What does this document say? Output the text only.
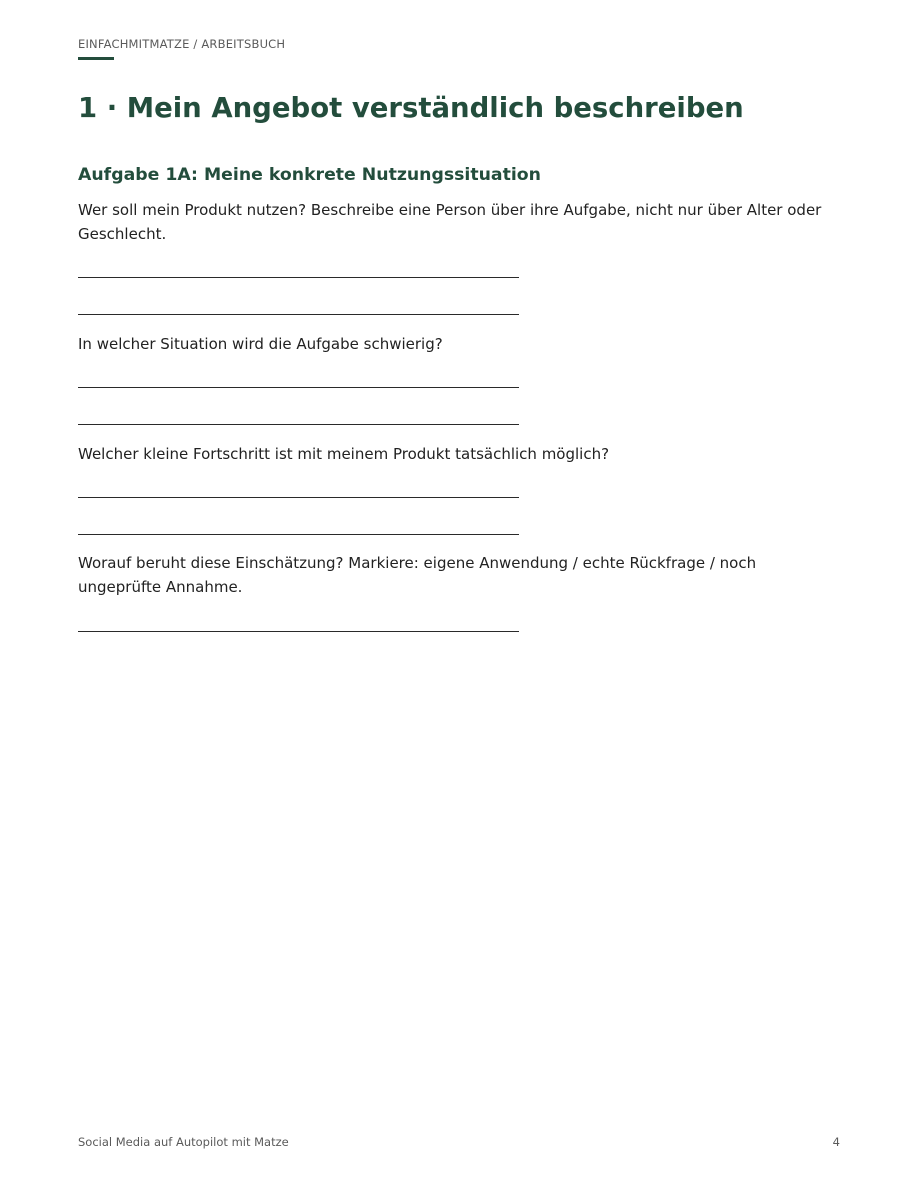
EINFACHMITMATZE / ARBEITSBUCH
1 · Mein Angebot verständlich beschreiben
Aufgabe 1A: Meine konkrete Nutzungssituation

Wer soll mein Produkt nutzen? Beschreibe eine Person über ihre Aufgabe, nicht nur über Alter oder Geschlecht.

In welcher Situation wird die Aufgabe schwierig?

Welcher kleine Fortschritt ist mit meinem Produkt tatsächlich möglich?

Worauf beruht diese Einschätzung? Markiere: eigene Anwendung / echte Rückfrage / noch ungeprüfte Annahme.

Social Media auf Autopilot mit Matze	4
